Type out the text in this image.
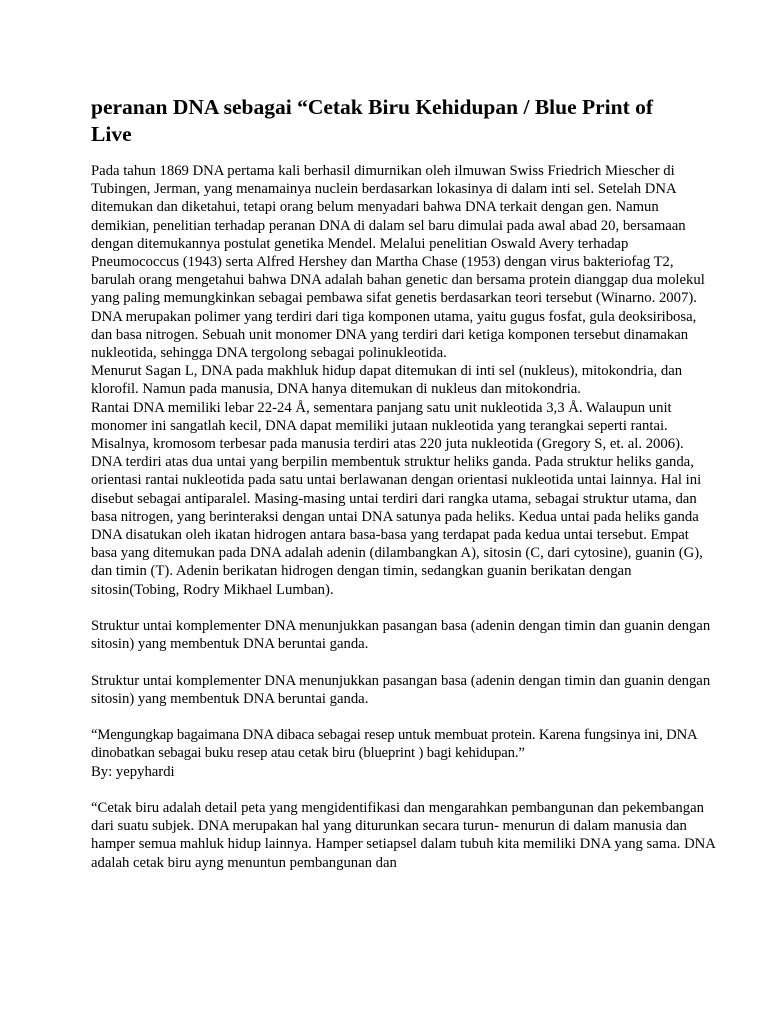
peranan DNA sebagai “Cetak Biru Kehidupan / Blue Print of Live

Pada tahun 1869 DNA pertama kali berhasil dimurnikan oleh ilmuwan Swiss Friedrich Miescher di Tubingen, Jerman, yang menamainya nuclein berdasarkan lokasinya di dalam inti sel. Setelah DNA ditemukan dan diketahui, tetapi orang belum menyadari bahwa DNA terkait dengan gen. Namun demikian, penelitian terhadap peranan DNA di dalam sel baru dimulai pada awal abad 20, bersamaan dengan ditemukannya postulat genetika Mendel. Melalui penelitian Oswald Avery terhadap Pneumococcus (1943) serta Alfred Hershey dan Martha Chase (1953) dengan virus bakteriofag T2, barulah orang mengetahui bahwa DNA adalah bahan genetic dan bersama protein dianggap dua molekul yang paling memungkinkan sebagai pembawa sifat genetis berdasarkan teori tersebut (Winarno. 2007).

DNA merupakan polimer yang terdiri dari tiga komponen utama, yaitu gugus fosfat, gula deoksiribosa, dan basa nitrogen. Sebuah unit monomer DNA yang terdiri dari ketiga komponen tersebut dinamakan nukleotida, sehingga DNA tergolong sebagai polinukleotida.

Menurut Sagan L, DNA pada makhluk hidup dapat ditemukan di inti sel (nukleus), mitokondria, dan klorofil. Namun pada manusia, DNA hanya ditemukan di nukleus dan mitokondria.

Rantai DNA memiliki lebar 22-24 Å, sementara panjang satu unit nukleotida 3,3 Å. Walaupun unit monomer ini sangatlah kecil, DNA dapat memiliki jutaan nukleotida yang terangkai seperti rantai. Misalnya, kromosom terbesar pada manusia terdiri atas 220 juta nukleotida (Gregory S, et. al. 2006).

DNA terdiri atas dua untai yang berpilin membentuk struktur heliks ganda. Pada struktur heliks ganda, orientasi rantai nukleotida pada satu untai berlawanan dengan orientasi nukleotida untai lainnya. Hal ini disebut sebagai antiparalel. Masing-masing untai terdiri dari rangka utama, sebagai struktur utama, dan basa nitrogen, yang berinteraksi dengan untai DNA satunya pada heliks. Kedua untai pada heliks ganda DNA disatukan oleh ikatan hidrogen antara basa-basa yang terdapat pada kedua untai tersebut. Empat basa yang ditemukan pada DNA adalah adenin (dilambangkan A), sitosin (C, dari cytosine), guanin (G), dan timin (T). Adenin berikatan hidrogen dengan timin, sedangkan guanin berikatan dengan sitosin(Tobing, Rodry Mikhael Lumban).

Struktur untai komplementer DNA menunjukkan pasangan basa (adenin dengan timin dan guanin dengan sitosin) yang membentuk DNA beruntai ganda.

Struktur untai komplementer DNA menunjukkan pasangan basa (adenin dengan timin dan guanin dengan sitosin) yang membentuk DNA beruntai ganda.

“Mengungkap bagaimana DNA dibaca sebagai resep untuk membuat protein. Karena fungsinya ini, DNA dinobatkan sebagai buku resep atau cetak biru (blueprint ) bagi kehidupan.”

By: yepyhardi

“Cetak biru adalah detail peta yang mengidentifikasi dan mengarahkan pembangunan dan pekembangan dari suatu subjek. DNA merupakan hal yang diturunkan secara turun- menurun di dalam manusia dan hamper semua mahluk hidup lainnya. Hamper setiapsel dalam tubuh kita memiliki DNA yang sama. DNA adalah cetak biru ayng menuntun pembangunan dan
